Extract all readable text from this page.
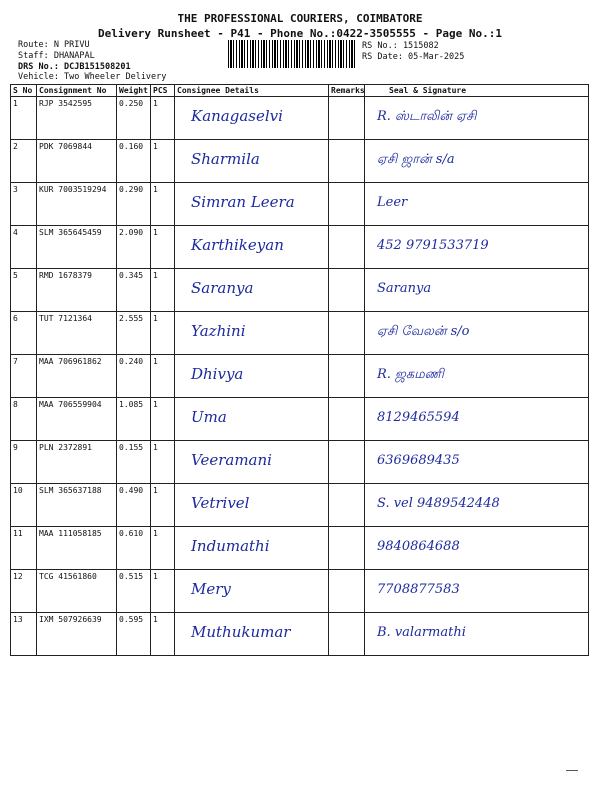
THE PROFESSIONAL COURIERS, COIMBATORE
Delivery Runsheet - P41 - Phone No.:0422-3505555 - Page No.:1
Route: N PRIVU
Staff: DHANAPAL
DRS No.: DCJB151508201
Vehicle: Two Wheeler Delivery
RS No.: 1515082
RS Date: 05-Mar-2025
S No	Consignment No	Weight	PCS	Consignee Details	Remarks	Seal & Signature
1	RJP 3542595	0.250	1	Kanagaselvi		R. ஸ்டாலின் ஏசி

2	PDK 7069844	0.160	1	Sharmila		ஏசி ஜான் s/a

3	KUR 7003519294	0.290	1	Simran Leera		Leer

4	SLM 365645459	2.090	1	Karthikeyan		452 9791533719

5	RMD 1678379	0.345	1	Saranya		Saranya

6	TUT 7121364	2.555	1	Yazhini		ஏசி வேலன் s/o

7	MAA 706961862	0.240	1	Dhivya		R. ஜகமணி

8	MAA 706559904	1.085	1	Uma		8129465594

9	PLN 2372891	0.155	1	Veeramani		6369689435

10	SLM 365637188	0.490	1	Vetrivel		S. vel 9489542448

11	MAA 111058185	0.610	1	Indumathi		9840864688

12	TCG 41561860	0.515	1	Mery		7708877583

13	IXM 507926639	0.595	1	Muthukumar		B. valarmathi
